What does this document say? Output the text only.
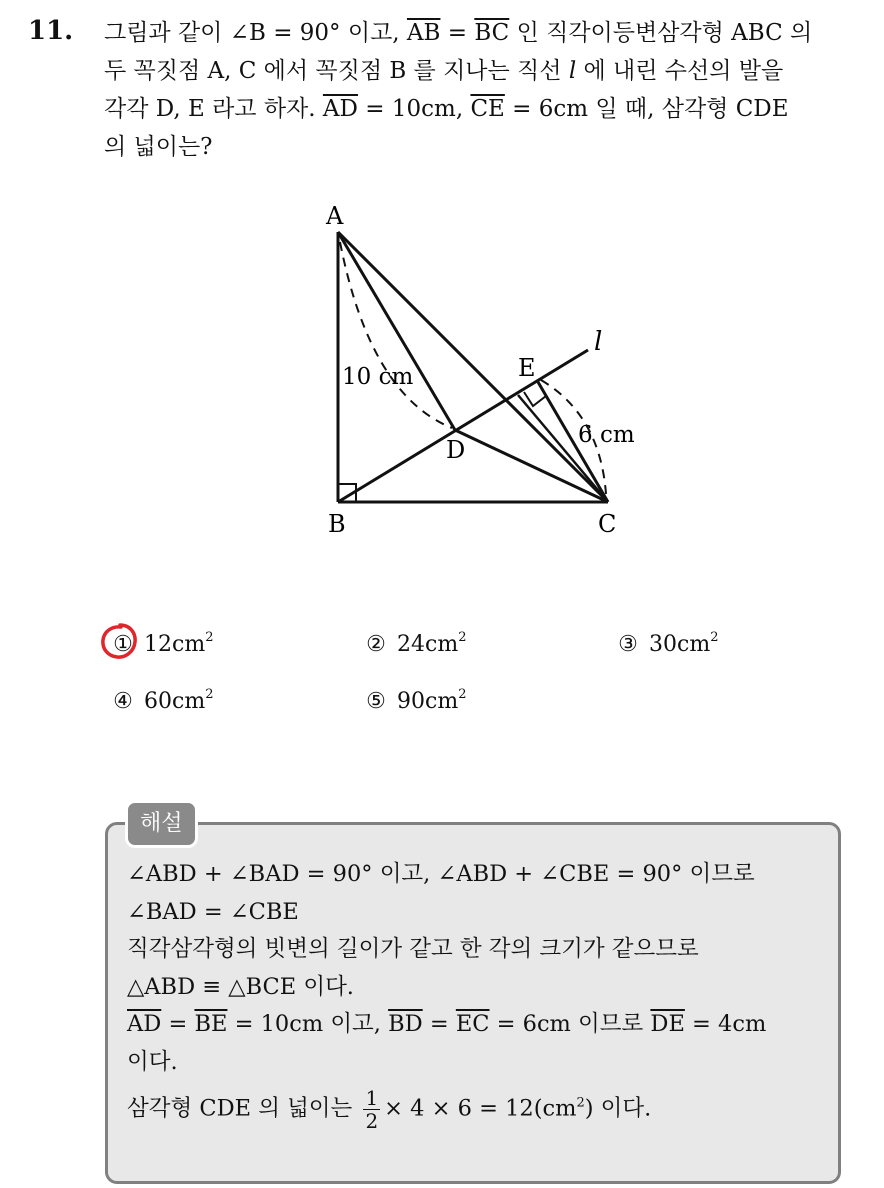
11. 그림과 같이 ∠B = 90° 이고, $\overline{AB} = \overline{BC}$ 인 직각이등변삼각형 ABC 의
두 꼭짓점 A, C 에서 꼭짓점 B 를 지나는 직선 l 에 내린 수선의 발을
각각 D, E 라고 하자. $\overline{AD} = 10cm$, $\overline{CE} = 6cm$ 일 때, 삼각형 CDE
의 넓이는?
A
B	C
D
E
l
10 cm
6 cm
① $12cm^2$	② $24cm^2$	③ $30cm^2$
④ $60cm^2$	⑤ $90cm^2$
해설
∠ABD + ∠BAD = 90° 이고, ∠ABD + ∠CBE = 90° 이므로
∠BAD = ∠CBE
직각삼각형의 빗변의 길이가 같고 한 각의 크기가 같으므로
△ABD ≡ △BCE 이다.
$\overline{AD} = \overline{BE} = 10cm$ 이고, $\overline{BD} = \overline{EC} = 6cm$ 이므로 $\overline{DE} = 4cm$
이다.
삼각형 CDE 의 넓이는 $\frac{1}{2} \times 4 \times 6 = 12(cm^2)$ 이다.
